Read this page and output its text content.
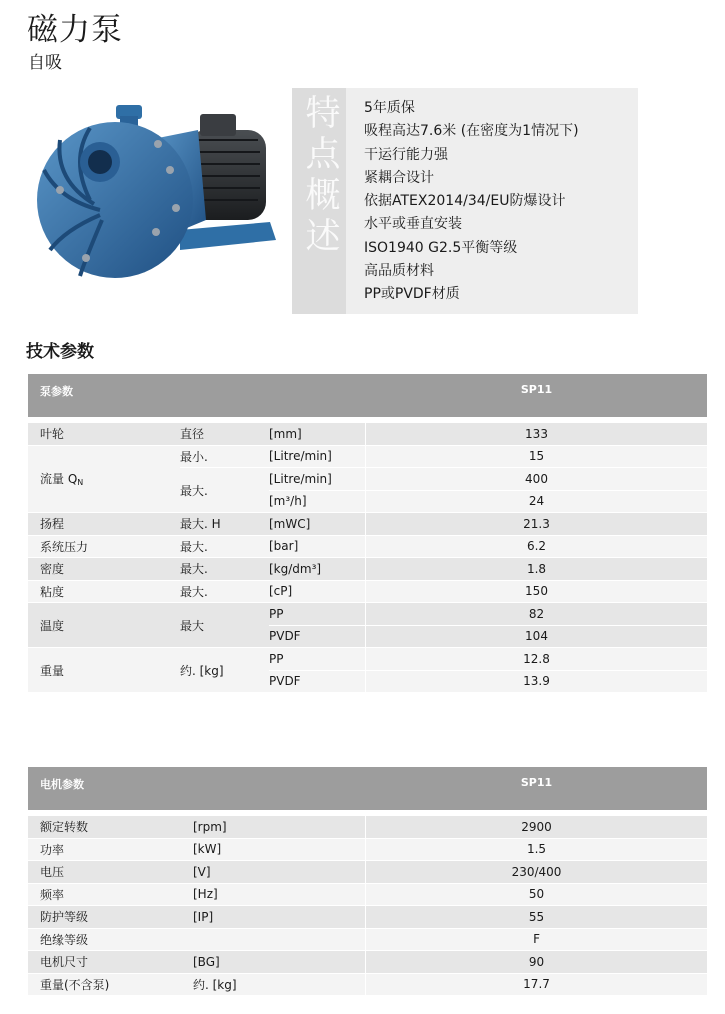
磁力泵
自吸
特点概述 5年质保
吸程高达7.6米 (在密度为1情况下)
干运行能力强
紧耦合设计
依据ATEX2014/34/EU防爆设计
水平或垂直安装
ISO1940 G2.5平衡等级
高品质材料
PP或PVDF材质
技术参数
泵参数			SP11

叶轮	直径	[mm]	133
流量 $Q_N$	最小.	[Litre/min]	15
	最大.	[Litre/min]	400
		[m³/h]	24
扬程	最大. H	[mWC]	21.3
系统压力	最大.	[bar]	6.2
密度	最大.	[kg/dm³]	1.8
粘度	最大.	[cP]	150
温度	最大	PP	82
		PVDF	104
重量	约. [kg]	PP	12.8
		PVDF	13.9
电机参数		SP11

额定转数	[rpm]	2900
功率	[kW]	1.5
电压	[V]	230/400
频率	[Hz]	50
防护等级	[IP]	55
绝缘等级		F
电机尺寸	[BG]	90
重量(不含泵)	约. [kg]	17.7
